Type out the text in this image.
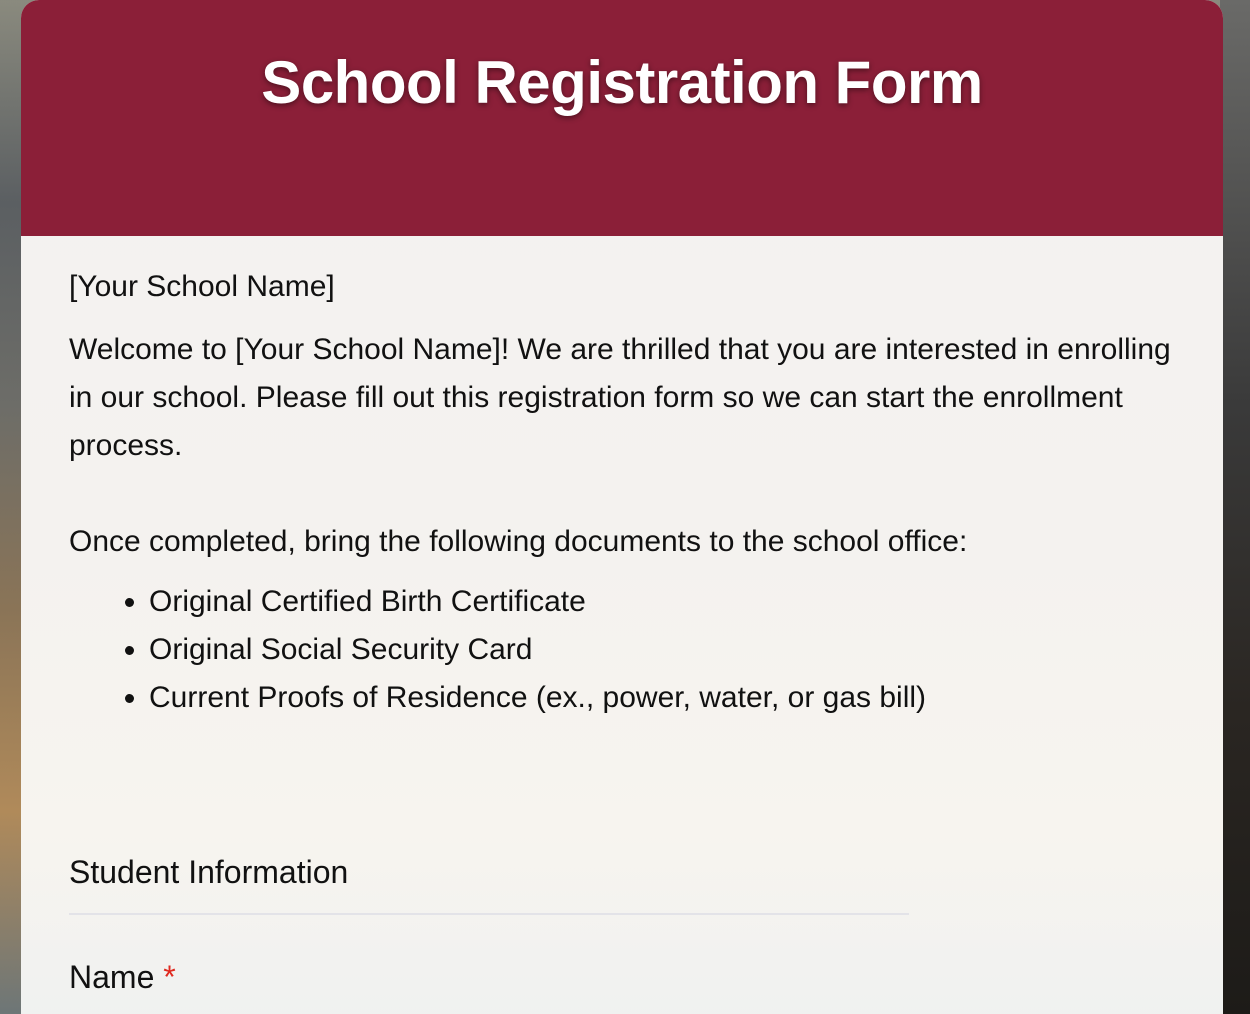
School Registration Form
[Your School Name]

Welcome to [Your School Name]! We are thrilled that you are interested in enrolling in our school. Please fill out this registration form so we can start the enrollment process.

Once completed, bring the following documents to the school office:
• Original Certified Birth Certificate
• Original Social Security Card
• Current Proofs of Residence (ex., power, water, or gas bill)
Student Information
Name *
